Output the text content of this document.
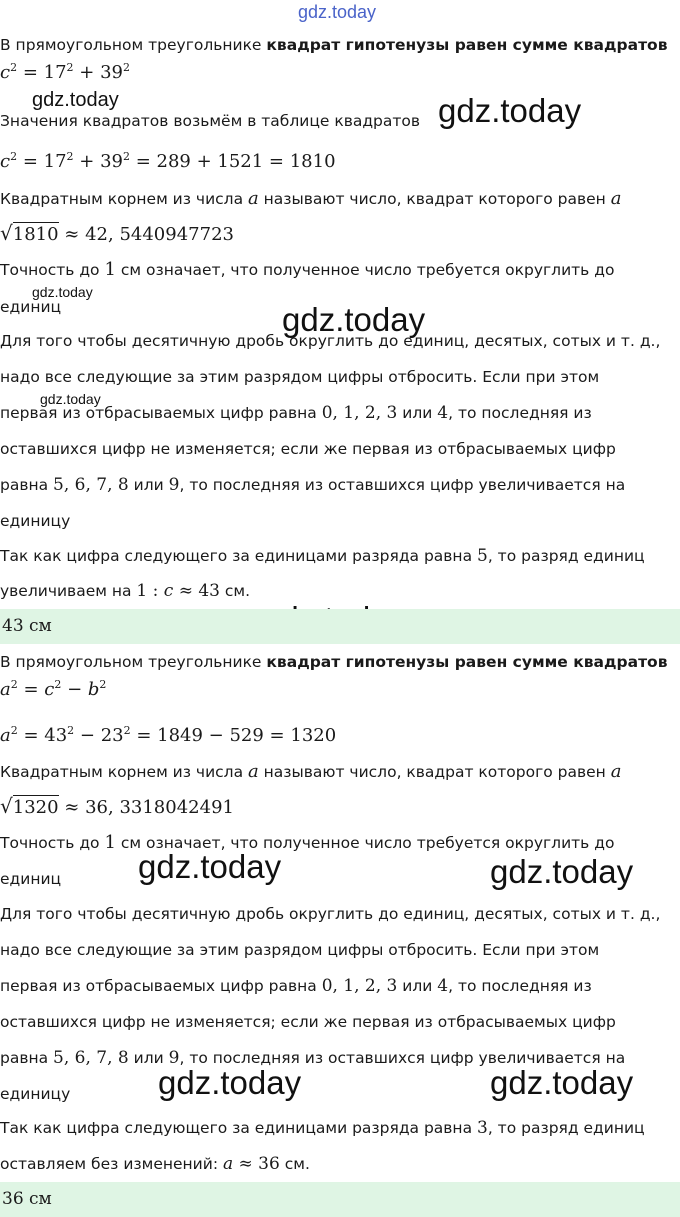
gdz.today
gdz.today	gdz.today
gdz.today
gdz.today
gdz.today
gdz.today	gdz.today
gdz.today	gdz.today
В прямоугольном треугольнике квадрат гипотенузы равен сумме квадратов
$c^2 = 17^2 + 39^2$
Значения квадратов возьмём в таблице квадратов
$c^2 = 17^2 + 39^2 = 289 + 1521 = 1810$
Квадратным корнем из числа a называют число, квадрат которого равен a
√1810 ≈ 42, 5440947723
Точность до 1 см означает, что полученное число требуется округлить до
единиц
Для того чтобы десятичную дробь округлить до единиц, десятых, сотых и т. д.,
надо все следующие за этим разрядом цифры отбросить. Если при этом
первая из отбрасываемых цифр равна 0, 1, 2, 3 или 4, то последняя из
оставшихся цифр не изменяется; если же первая из отбрасываемых цифр
равна 5, 6, 7, 8 или 9, то последняя из оставшихся цифр увеличивается на
единицу
Так как цифра следующего за единицами разряда равна 5, то разряд единиц
увеличиваем на 1 : c ≈ 43 см.
43 см
В прямоугольном треугольнике квадрат гипотенузы равен сумме квадратов
$a^2 = c^2 - b^2$
$a^2 = 43^2 - 23^2 = 1849 - 529 = 1320$
Квадратным корнем из числа a называют число, квадрат которого равен a
√1320 ≈ 36, 3318042491
Точность до 1 см означает, что полученное число требуется округлить до
единиц
Для того чтобы десятичную дробь округлить до единиц, десятых, сотых и т. д.,
надо все следующие за этим разрядом цифры отбросить. Если при этом
первая из отбрасываемых цифр равна 0, 1, 2, 3 или 4, то последняя из
оставшихся цифр не изменяется; если же первая из отбрасываемых цифр
равна 5, 6, 7, 8 или 9, то последняя из оставшихся цифр увеличивается на
единицу
Так как цифра следующего за единицами разряда равна 3, то разряд единиц
оставляем без изменений: a ≈ 36 см.
36 см
